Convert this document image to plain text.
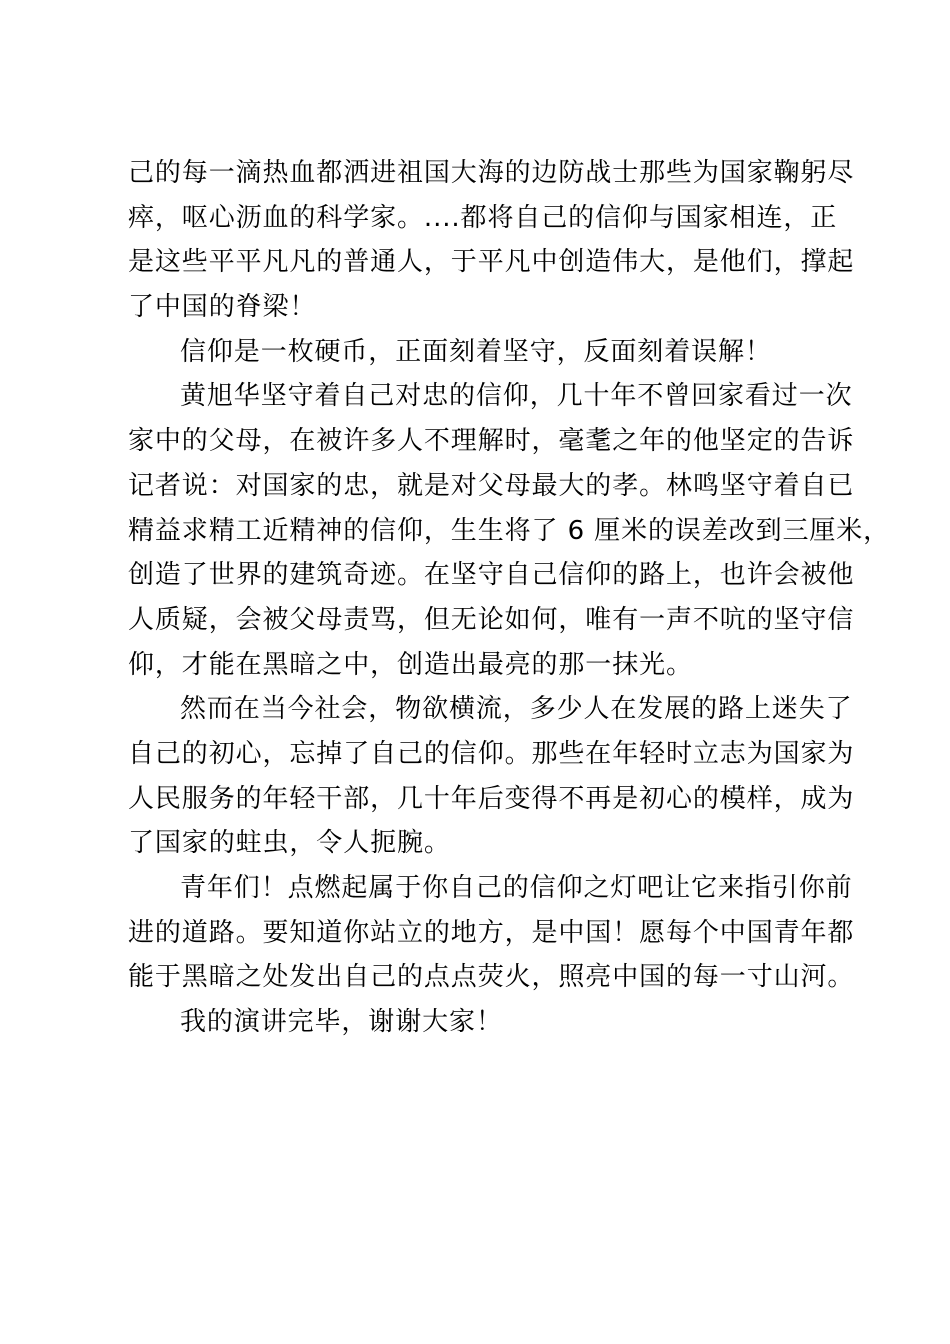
己的每一滴热血都洒进祖国大海的边防战士那些为国家鞠躬尽
瘁，呕心沥血的科学家。....都将自己的信仰与国家相连，正
是这些平平凡凡的普通人，于平凡中创造伟大，是他们，撑起
了中国的脊梁！
信仰是一枚硬币，正面刻着坚守，反面刻着误解！
黄旭华坚守着自己对忠的信仰，几十年不曾回家看过一次
家中的父母，在被许多人不理解时，毫耄之年的他坚定的告诉
记者说：对国家的忠，就是对父母最大的孝。林鸣坚守着自已
精益求精工近精神的信仰，生生将了 6 厘米的误差改到三厘米，
创造了世界的建筑奇迹。在坚守自己信仰的路上，也许会被他
人质疑，会被父母责骂，但无论如何，唯有一声不吭的坚守信
仰，才能在黑暗之中，创造出最亮的那一抹光。
然而在当今社会，物欲横流，多少人在发展的路上迷失了
自己的初心，忘掉了自己的信仰。那些在年轻时立志为国家为
人民服务的年轻干部，几十年后变得不再是初心的模样，成为
了国家的蛀虫，令人扼腕。
青年们！点燃起属于你自己的信仰之灯吧让它来指引你前
进的道路。要知道你站立的地方，是中国！愿每个中国青年都
能于黑暗之处发出自己的点点荧火，照亮中国的每一寸山河。
我的演讲完毕，谢谢大家！
